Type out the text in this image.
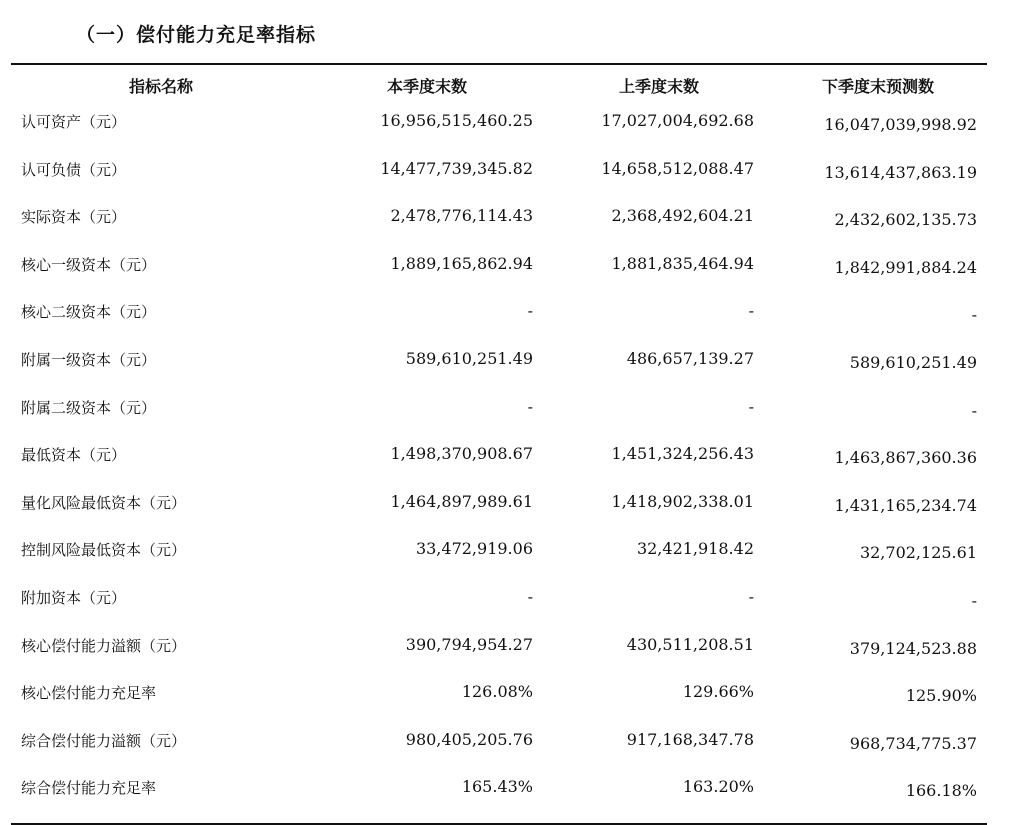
（一）偿付能力充足率指标
指标名称	本季度末数	上季度末数	下季度末预测数
认可资产（元）	16,956,515,460.25	17,027,004,692.68	16,047,039,998.92
认可负债（元）	14,477,739,345.82	14,658,512,088.47	13,614,437,863.19
实际资本（元）	2,478,776,114.43	2,368,492,604.21	2,432,602,135.73
核心一级资本（元）	1,889,165,862.94	1,881,835,464.94	1,842,991,884.24
核心二级资本（元）	-	-	-
附属一级资本（元）	589,610,251.49	486,657,139.27	589,610,251.49
附属二级资本（元）	-	-	-
最低资本（元）	1,498,370,908.67	1,451,324,256.43	1,463,867,360.36
量化风险最低资本（元）	1,464,897,989.61	1,418,902,338.01	1,431,165,234.74
控制风险最低资本（元）	33,472,919.06	32,421,918.42	32,702,125.61
附加资本（元）	-	-	-
核心偿付能力溢额（元）	390,794,954.27	430,511,208.51	379,124,523.88
核心偿付能力充足率	126.08%	129.66%	125.90%
综合偿付能力溢额（元）	980,405,205.76	917,168,347.78	968,734,775.37
综合偿付能力充足率	165.43%	163.20%	166.18%
